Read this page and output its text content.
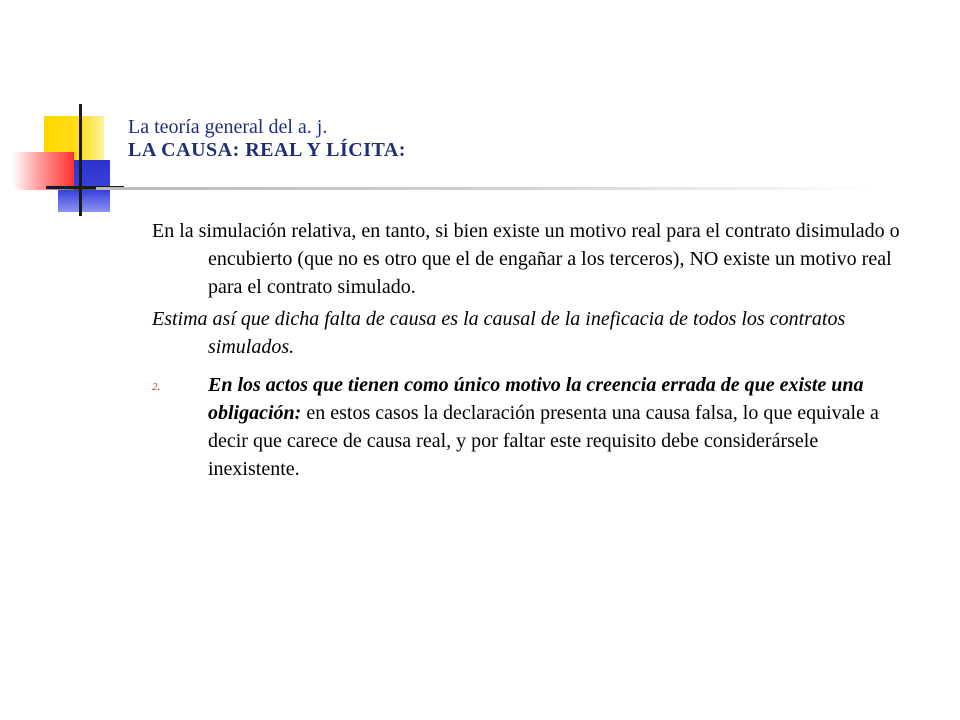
La teoría general del a. j.
LA CAUSA: REAL Y LÍCITA:

En la simulación relativa, en tanto, si bien existe un motivo real para el contrato disimulado o encubierto (que no es otro que el de engañar a los terceros), NO existe un motivo real para el contrato simulado.

Estima así que dicha falta de causa es la causal de la ineficacia de todos los contratos simulados.

2. En los actos que tienen como único motivo la creencia errada de que existe una obligación: en estos casos la declaración presenta una causa falsa, lo que equivale a decir que carece de causa real, y por faltar este requisito debe considerársele inexistente.
